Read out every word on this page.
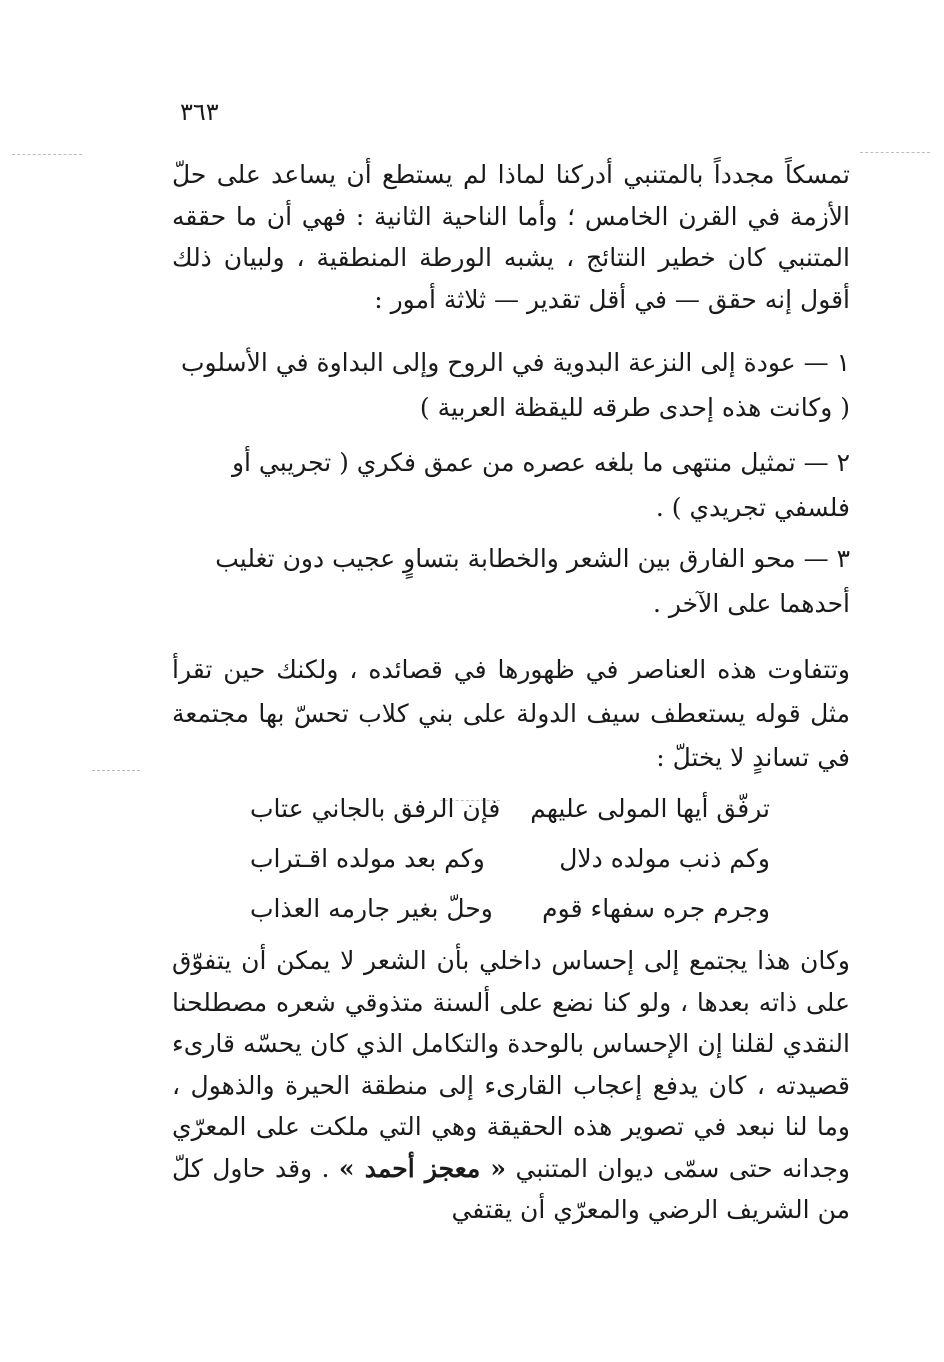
٣٦٣
تمسكاً مجدداً بالمتنبي أدركنا لماذا لم يستطع أن يساعد على حلّ الأزمة في القرن الخامس ؛ وأما الناحية الثانية : فهي أن ما حققه المتنبي كان خطير النتائج ، يشبه الورطة المنطقية ، ولبيان ذلك أقول إنه حقق — في أقل تقدير — ثلاثة أمور :
١ — عودة إلى النزعة البدوية في الروح وإلى البداوة في الأسلوب ( وكانت هذه إحدى طرقه لليقظة العربية )
٢ — تمثيل منتهى ما بلغه عصره من عمق فكري ( تجريبي أو فلسفي تجريدي ) .
٣ — محو الفارق بين الشعر والخطابة بتساوٍ عجيب دون تغليب أحدهما على الآخر .
وتتفاوت هذه العناصر في ظهورها في قصائده ، ولكنك حين تقرأ مثل قوله يستعطف سيف الدولة على بني كلاب تحسّ بها مجتمعة في تساندٍ لا يختلّ :
ترفّق أيها المولى عليهم
فإن الرفق بالجاني عتاب
وكم ذنب مولده دلال
وكم بعد مولده اقـتراب
وجرم جره سفهاء قوم
وحلّ بغير جارمه العذاب
وكان هذا يجتمع إلى إحساس داخلي بأن الشعر لا يمكن أن يتفوّق على ذاته بعدها ، ولو كنا نضع على ألسنة متذوقي شعره مصطلحنا النقدي لقلنا إن الإحساس بالوحدة والتكامل الذي كان يحسّه قارىء قصيدته ، كان يدفع إعجاب القارىء إلى منطقة الحيرة والذهول ، وما لنا نبعد في تصوير هذه الحقيقة وهي التي ملكت على المعرّي وجدانه حتى سمّى ديوان المتنبي « معجز أحمد » . وقد حاول كلّ من الشريف الرضي والمعرّي أن يقتفي
